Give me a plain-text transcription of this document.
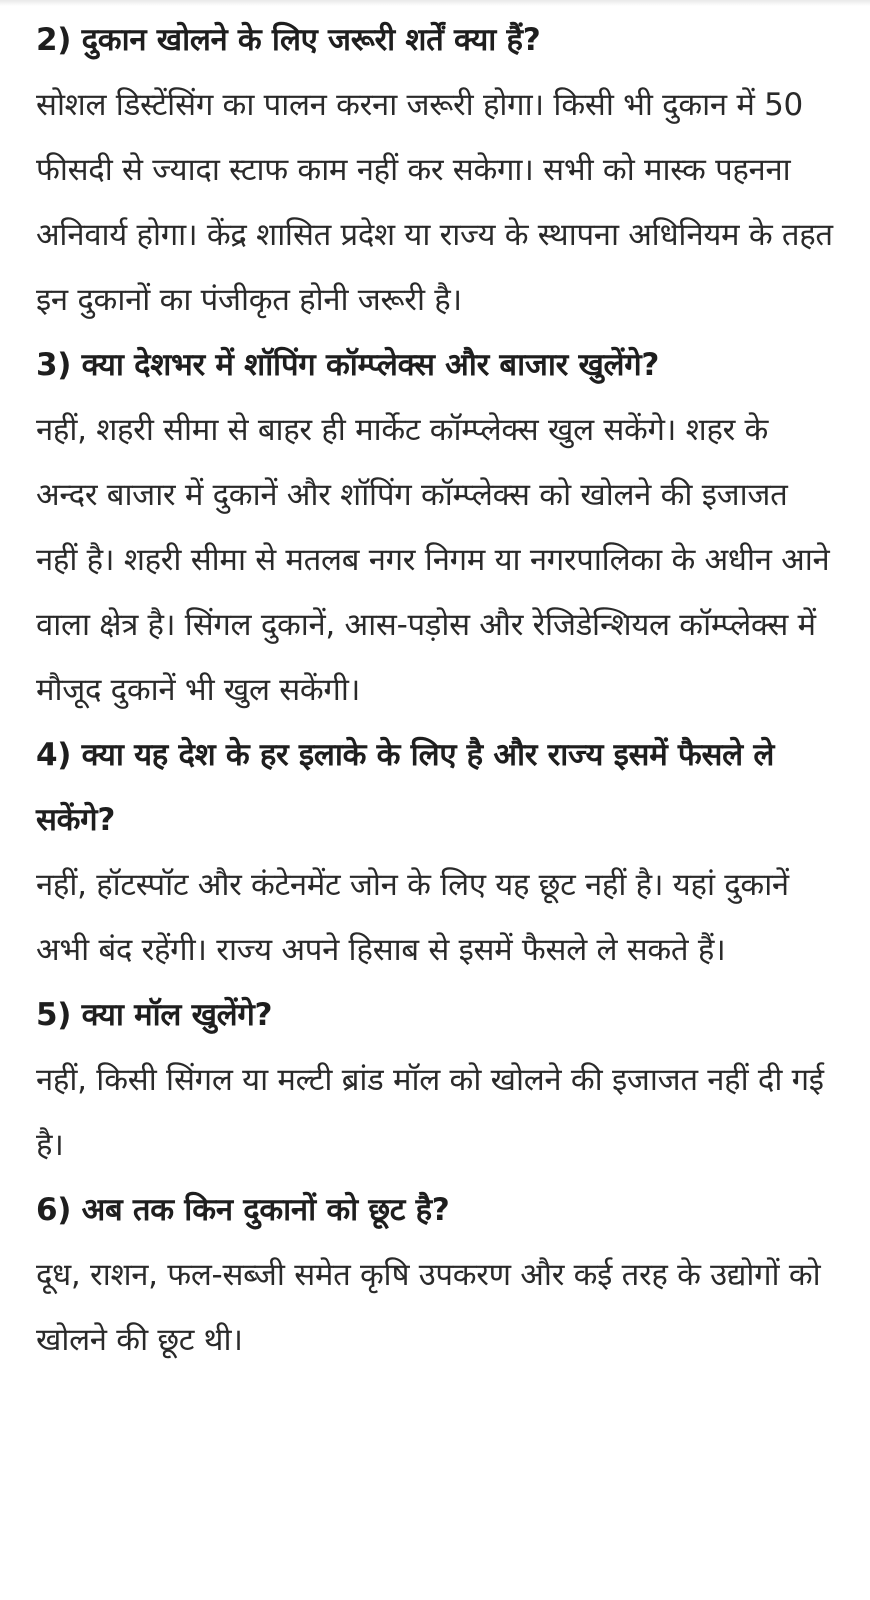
2) दुकान खोलने के लिए जरूरी शर्तें क्या हैं?

सोशल डिस्टेंसिंग का पालन करना जरूरी होगा। किसी भी दुकान में 50 फीसदी से ज्यादा स्टाफ काम नहीं कर सकेगा। सभी को मास्क पहनना अनिवार्य होगा। केंद्र शासित प्रदेश या राज्य के स्थापना अधिनियम के तहत इन दुकानों का पंजीकृत होनी जरूरी है।

3) क्या देशभर में शॉपिंग कॉम्प्लेक्स और बाजार खुलेंगे?

नहीं, शहरी सीमा से बाहर ही मार्केट कॉम्प्लेक्स खुल सकेंगे। शहर के अन्दर बाजार में दुकानें और शॉपिंग कॉम्प्लेक्स को खोलने की इजाजत नहीं है। शहरी सीमा से मतलब नगर निगम या नगरपालिका के अधीन आने वाला क्षेत्र है। सिंगल दुकानें, आस-पड़ोस और रेजिडेन्शियल कॉम्प्लेक्स में मौजूद दुकानें भी खुल सकेंगी।

4) क्या यह देश के हर इलाके के लिए है और राज्य इसमें फैसले ले सकेंगे?

नहीं, हॉटस्पॉट और कंटेनमेंट जोन के लिए यह छूट नहीं है। यहां दुकानें अभी बंद रहेंगी। राज्य अपने हिसाब से इसमें फैसले ले सकते हैं।

5) क्या मॉल खुलेंगे?

नहीं, किसी सिंगल या मल्टी ब्रांड मॉल को खोलने की इजाजत नहीं दी गई है।

6) अब तक किन दुकानों को छूट है?

दूध, राशन, फल-सब्जी समेत कृषि उपकरण और कई तरह के उद्योगों को खोलने की छूट थी।
